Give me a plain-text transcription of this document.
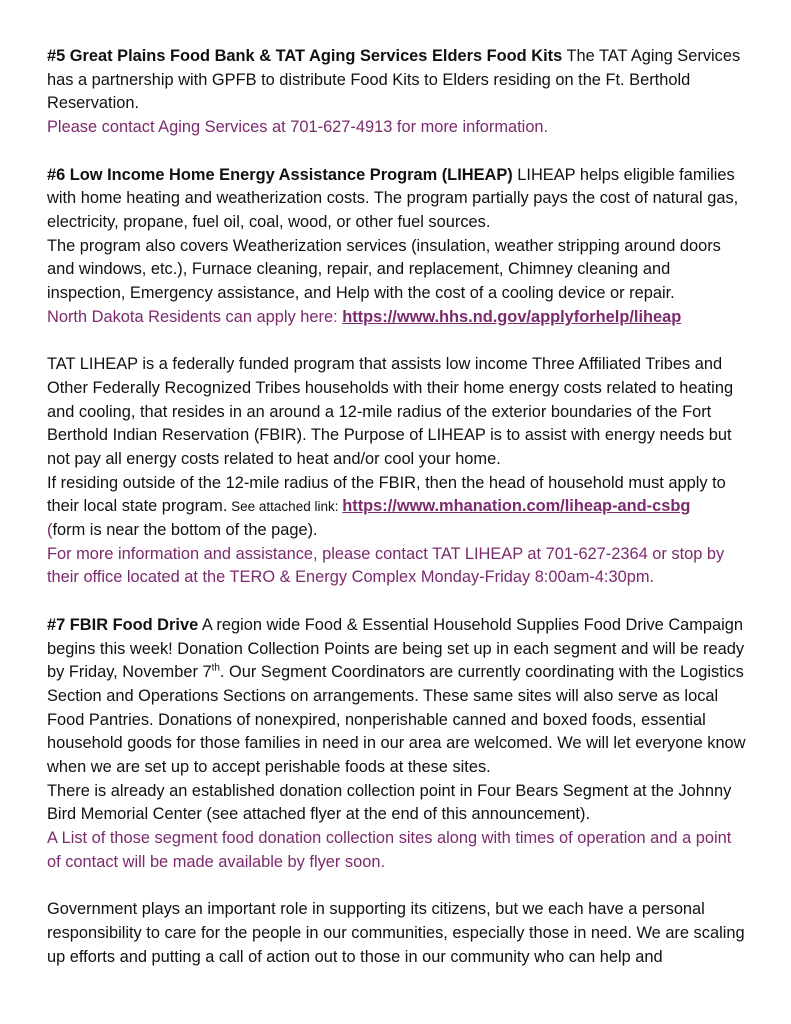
#5 Great Plains Food Bank & TAT Aging Services Elders Food Kits The TAT Aging Services has a partnership with GPFB to distribute Food Kits to Elders residing on the Ft. Berthold Reservation.
Please contact Aging Services at 701-627-4913 for more information.

#6 Low Income Home Energy Assistance Program (LIHEAP) LIHEAP helps eligible families with home heating and weatherization costs. The program partially pays the cost of natural gas, electricity, propane, fuel oil, coal, wood, or other fuel sources.
The program also covers Weatherization services (insulation, weather stripping around doors and windows, etc.), Furnace cleaning, repair, and replacement, Chimney cleaning and inspection, Emergency assistance, and Help with the cost of a cooling device or repair.
North Dakota Residents can apply here: https://www.hhs.nd.gov/applyforhelp/liheap

TAT LIHEAP is a federally funded program that assists low income Three Affiliated Tribes and Other Federally Recognized Tribes households with their home energy costs related to heating and cooling, that resides in an around a 12-mile radius of the exterior boundaries of the Fort Berthold Indian Reservation (FBIR). The Purpose of LIHEAP is to assist with energy needs but not pay all energy costs related to heat and/or cool your home.
If residing outside of the 12-mile radius of the FBIR, then the head of household must apply to their local state program. See attached link: https://www.mhanation.com/liheap-and-csbg
(form is near the bottom of the page).
For more information and assistance, please contact TAT LIHEAP at 701-627-2364 or stop by their office located at the TERO & Energy Complex Monday-Friday 8:00am-4:30pm.

#7 FBIR Food Drive A region wide Food & Essential Household Supplies Food Drive Campaign begins this week! Donation Collection Points are being set up in each segment and will be ready by Friday, November 7th. Our Segment Coordinators are currently coordinating with the Logistics Section and Operations Sections on arrangements. These same sites will also serve as local Food Pantries. Donations of nonexpired, nonperishable canned and boxed foods, essential household goods for those families in need in our area are welcomed. We will let everyone know when we are set up to accept perishable foods at these sites.
There is already an established donation collection point in Four Bears Segment at the Johnny Bird Memorial Center (see attached flyer at the end of this announcement).
A List of those segment food donation collection sites along with times of operation and a point of contact will be made available by flyer soon.

Government plays an important role in supporting its citizens, but we each have a personal responsibility to care for the people in our communities, especially those in need. We are scaling up efforts and putting a call of action out to those in our community who can help and
